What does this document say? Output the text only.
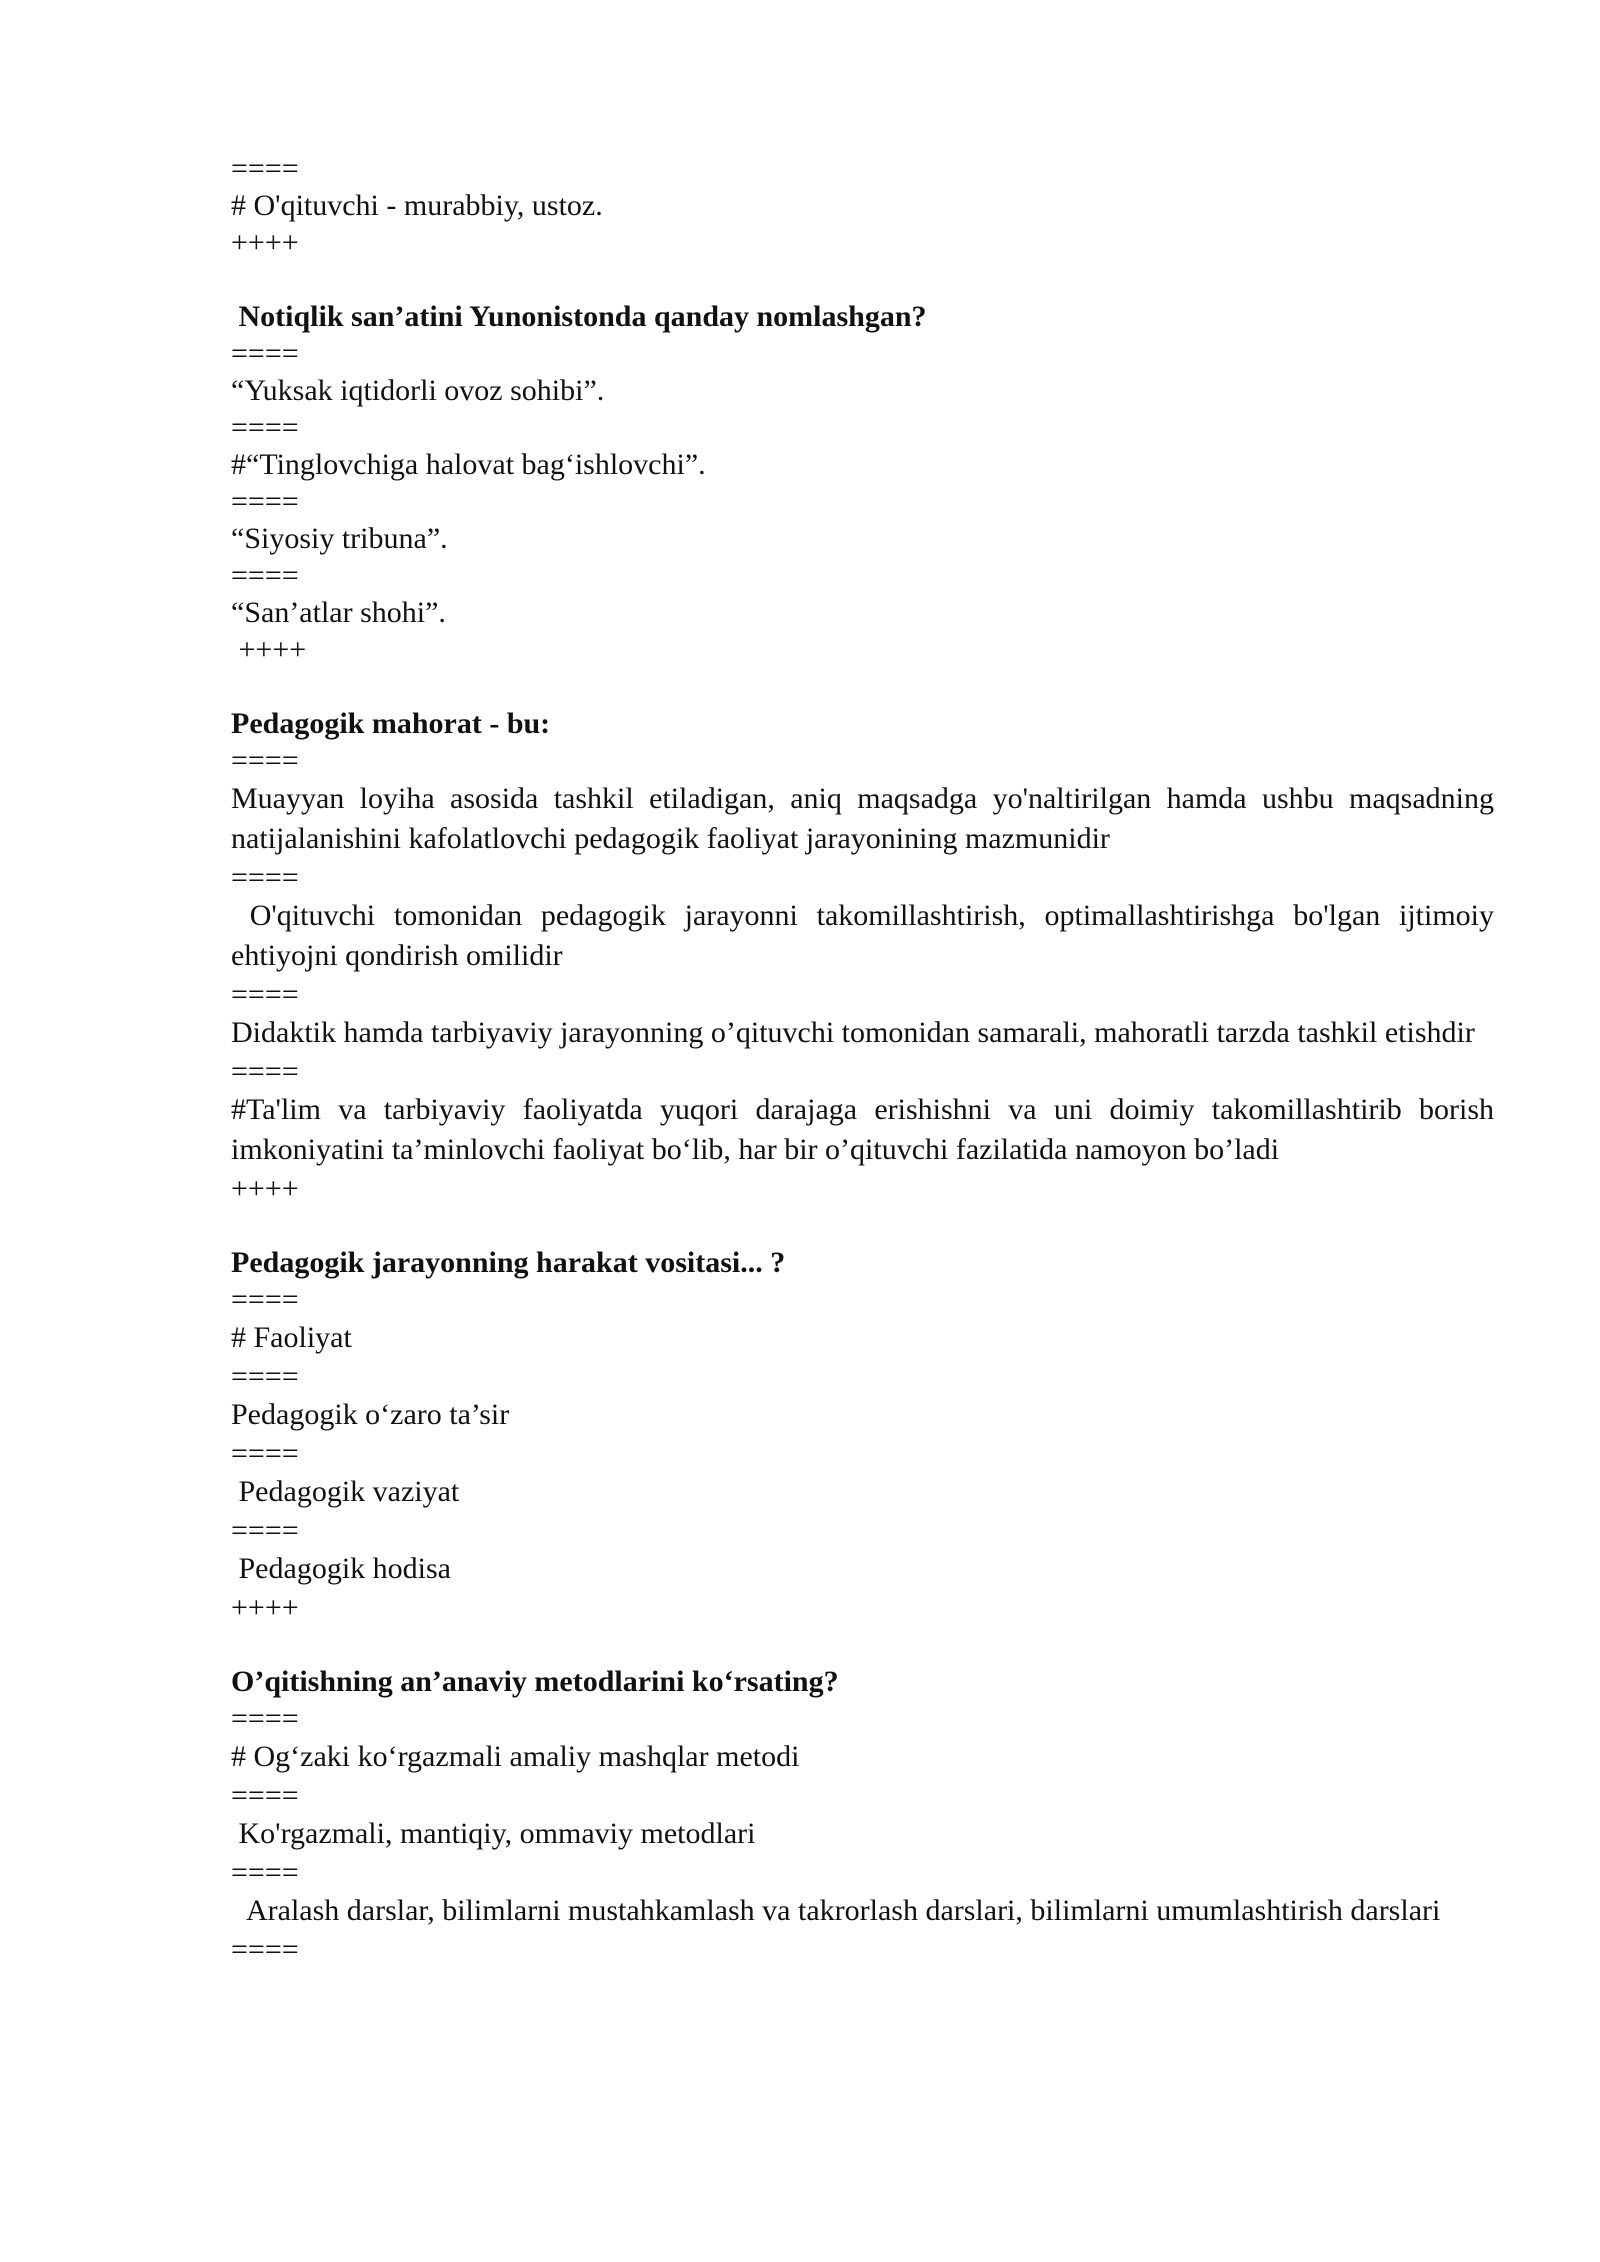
====

# O'qituvchi - murabbiy, ustoz.

++++

Notiqlik san’atini Yunonistonda qanday nomlashgan?

====

“Yuksak iqtidorli ovoz sohibi”.

====

#“Tinglovchiga halovat bag‘ishlovchi”.

====

“Siyosiy tribuna”.

====

“San’atlar shohi”.

++++

Pedagogik mahorat - bu:

====

Muayyan loyiha asosida tashkil etiladigan, aniq maqsadga yo'naltirilgan hamda ushbu maqsadning natijalanishini kafolatlovchi pedagogik faoliyat jarayonining mazmunidir

====

O'qituvchi tomonidan pedagogik jarayonni takomillashtirish, optimallashtirishga bo'lgan ijtimoiy ehtiyojni qondirish omilidir

====

Didaktik hamda tarbiyaviy jarayonning o’qituvchi tomonidan samarali, mahoratli tarzda tashkil etishdir

====

#Ta'lim va tarbiyaviy faoliyatda yuqori darajaga erishishni va uni doimiy takomillashtirib borish imkoniyatini ta’minlovchi faoliyat bo‘lib, har bir o’qituvchi fazilatida namoyon bo’ladi

++++

Pedagogik jarayonning harakat vositasi... ?

====

# Faoliyat

====

Pedagogik o‘zaro ta’sir

====

Pedagogik vaziyat

====

Pedagogik hodisa

++++

O’qitishning an’anaviy metodlarini ko‘rsating?

====

# Og‘zaki ko‘rgazmali amaliy mashqlar metodi

====

Ko'rgazmali, mantiqiy, ommaviy metodlari

====

Aralash darslar, bilimlarni mustahkamlash va takrorlash darslari, bilimlarni umumlashtirish darslari

====
